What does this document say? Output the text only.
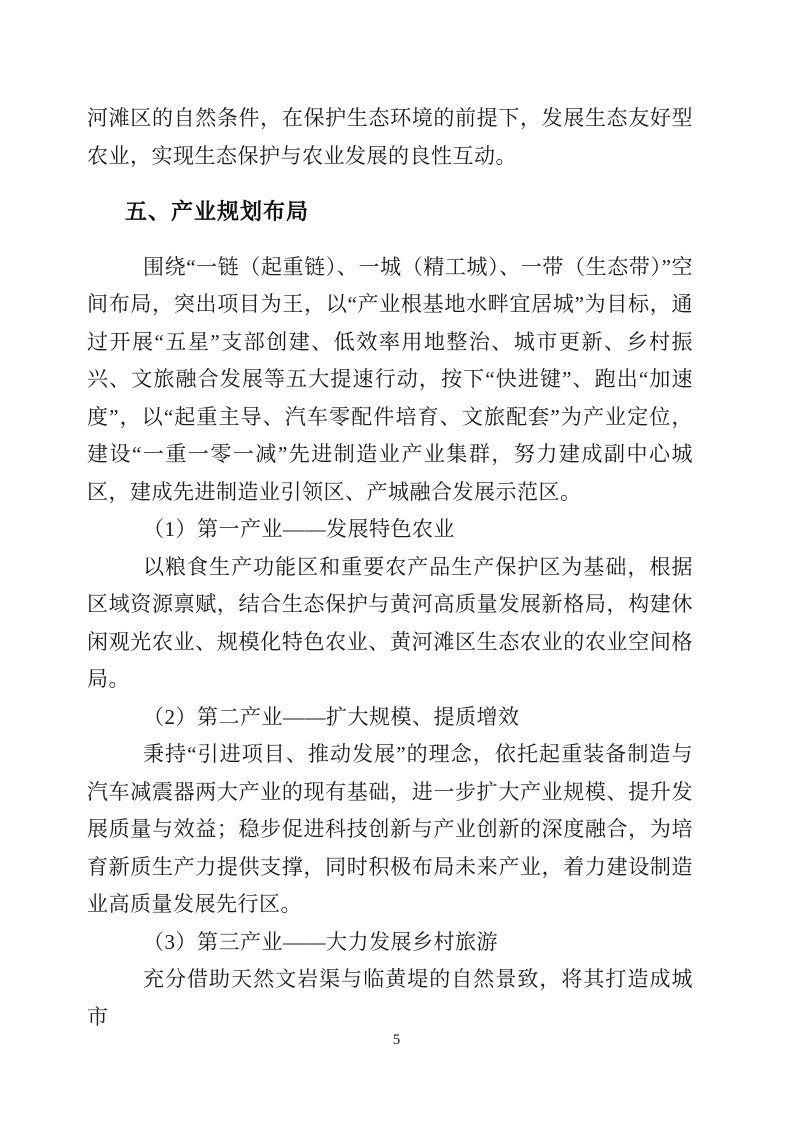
河滩区的自然条件，在保护生态环境的前提下，发展生态友好型农业，实现生态保护与农业发展的良性互动。

五、产业规划布局

围绕“一链（起重链）、一城（精工城）、一带（生态带）”空间布局，突出项目为王，以“产业根基地水畔宜居城”为目标，通过开展“五星”支部创建、低效率用地整治、城市更新、乡村振兴、文旅融合发展等五大提速行动，按下“快进键”、跑出“加速度”，以“起重主导、汽车零配件培育、文旅配套”为产业定位，建设“一重一零一减”先进制造业产业集群，努力建成副中心城区，建成先进制造业引领区、产城融合发展示范区。

（1）第一产业——发展特色农业

以粮食生产功能区和重要农产品生产保护区为基础，根据区域资源禀赋，结合生态保护与黄河高质量发展新格局，构建休闲观光农业、规模化特色农业、黄河滩区生态农业的农业空间格局。

（2）第二产业——扩大规模、提质增效

秉持“引进项目、推动发展”的理念，依托起重装备制造与汽车减震器两大产业的现有基础，进一步扩大产业规模、提升发展质量与效益；稳步促进科技创新与产业创新的深度融合，为培育新质生产力提供支撑，同时积极布局未来产业，着力建设制造业高质量发展先行区。

（3）第三产业——大力发展乡村旅游

充分借助天然文岩渠与临黄堤的自然景致，将其打造成城市

5
